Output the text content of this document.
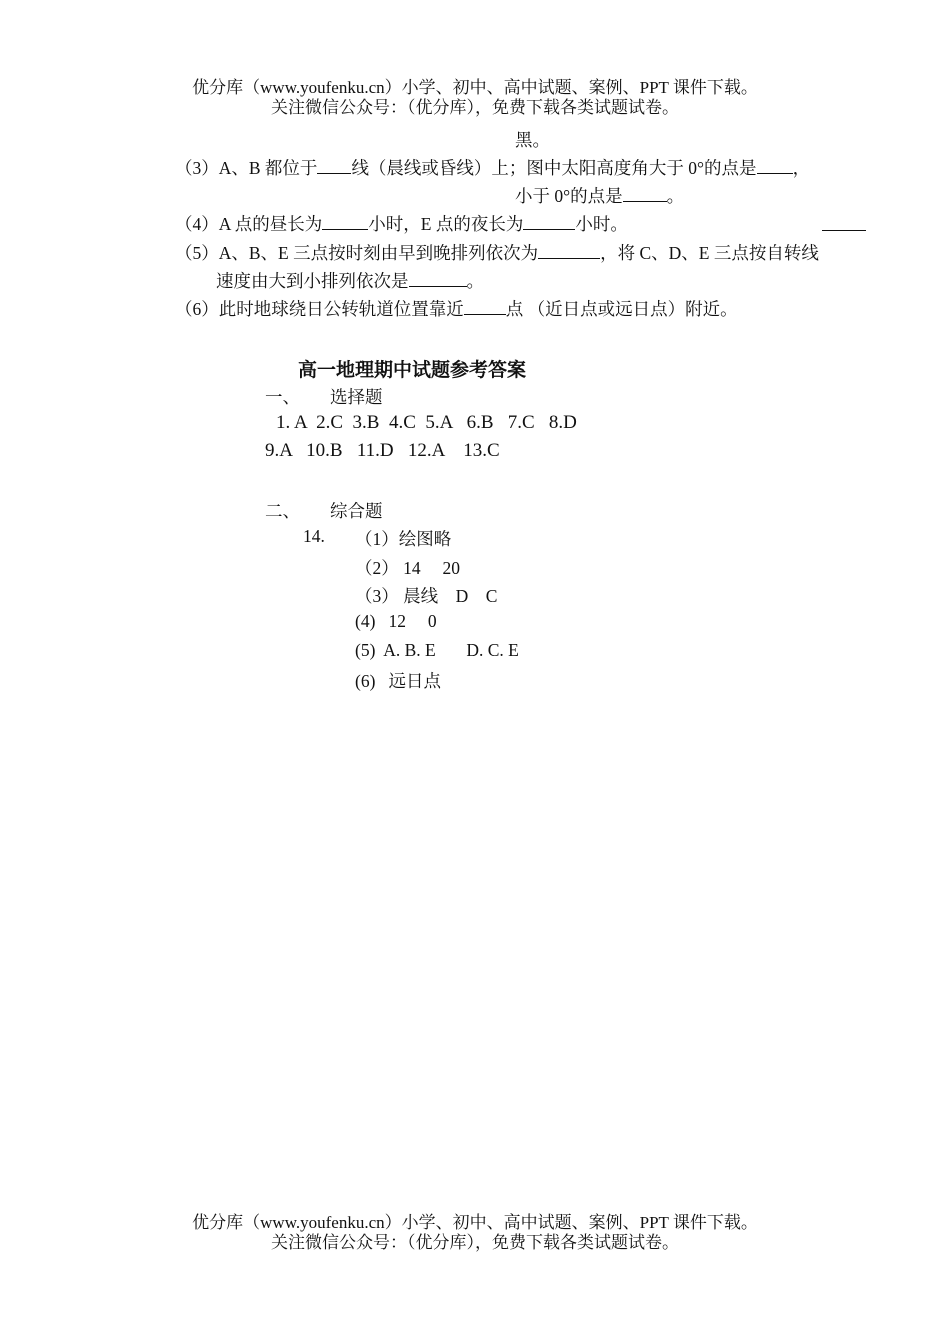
优分库（www.youfenku.cn）小学、初中、高中试题、案例、PPT 课件下载。
关注微信公众号：（优分库），免费下载各类试题试卷。
黑。
（3）A、B 都位于 线（晨线或昏线）上；图中太阳高度角大于 0°的点是 ，
小于 0°的点是	。
（4）A 点的昼长为	小时，E 点的夜长为	小时。
（5）A、B、E 三点按时刻由早到晚排列依次为	，将 C、D、E 三点按自转线
速度由大到小排列依次是	。
（6）此时地球绕日公转轨道位置靠近 点 （近日点或远日点）附近。
高一地理期中试题参考答案
一、 选择题
1. A  2.C  3.B  4.C  5.A   6.B   7.C   8.D
9.A   10.B   11.D   12.A    13.C
二、 综合题
14. （1）绘图略
（2） 14     20
（3） 晨线    D    C
(4)   12     0
(5)  A. B. E       D. C. E
(6)   远日点
优分库（www.youfenku.cn）小学、初中、高中试题、案例、PPT 课件下载。
关注微信公众号：（优分库），免费下载各类试题试卷。
